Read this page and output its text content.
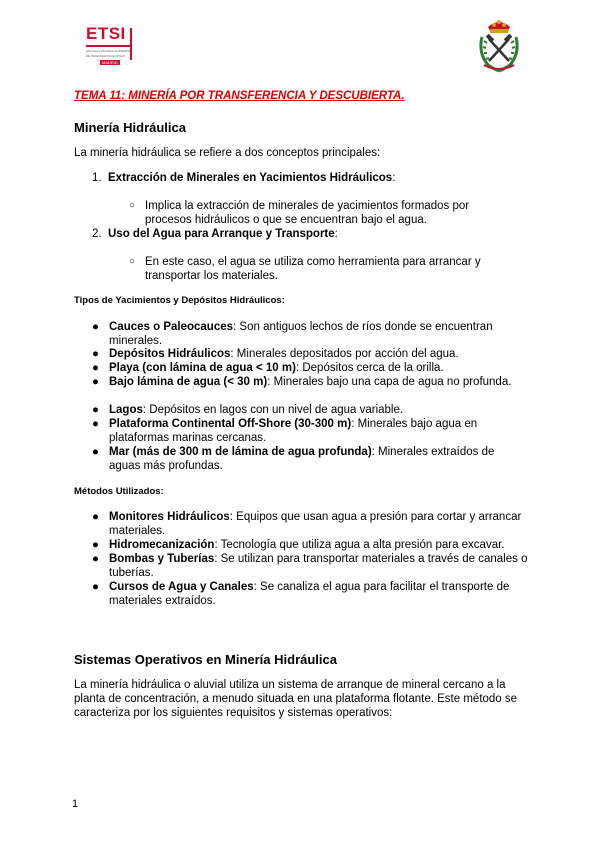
ETSI
ESCUELA TÉCNICA SUPERIOR
DE INGENIEROS DE MINAS
MADRID
TEMA 11: MINERÍA POR TRANSFERENCIA Y DESCUBIERTA.
Minería Hidráulica
La minería hidráulica se refiere a dos conceptos principales:
1. Extracción de Minerales en Yacimientos Hidráulicos:
○ Implica la extracción de minerales de yacimientos formados por procesos hidráulicos o que se encuentran bajo el agua.
2. Uso del Agua para Arranque y Transporte:
○ En este caso, el agua se utiliza como herramienta para arrancar y transportar los materiales.
Tipos de Yacimientos y Depósitos Hidráulicos:
● Cauces o Paleocauces: Son antiguos lechos de ríos donde se encuentran minerales.
● Depósitos Hidráulicos: Minerales depositados por acción del agua.
● Playa (con lámina de agua < 10 m): Depósitos cerca de la orilla.
● Bajo lámina de agua (< 30 m): Minerales bajo una capa de agua no profunda.
● Lagos: Depósitos en lagos con un nivel de agua variable.
● Plataforma Continental Off-Shore (30-300 m): Minerales bajo agua en plataformas marinas cercanas.
● Mar (más de 300 m de lámina de agua profunda): Minerales extraídos de aguas más profundas.
Métodos Utilizados:
● Monitores Hidráulicos: Equipos que usan agua a presión para cortar y arrancar materiales.
● Hidromecanización: Tecnología que utiliza agua a alta presión para excavar.
● Bombas y Tuberías: Se utilizan para transportar materiales a través de canales o tuberías.
● Cursos de Agua y Canales: Se canaliza el agua para facilitar el transporte de materiales extraídos.
Sistemas Operativos en Minería Hidráulica
La minería hidráulica o aluvial utiliza un sistema de arranque de mineral cercano a la planta de concentración, a menudo situada en una plataforma flotante. Este método se caracteriza por los siguientes requisitos y sistemas operativos:
1
